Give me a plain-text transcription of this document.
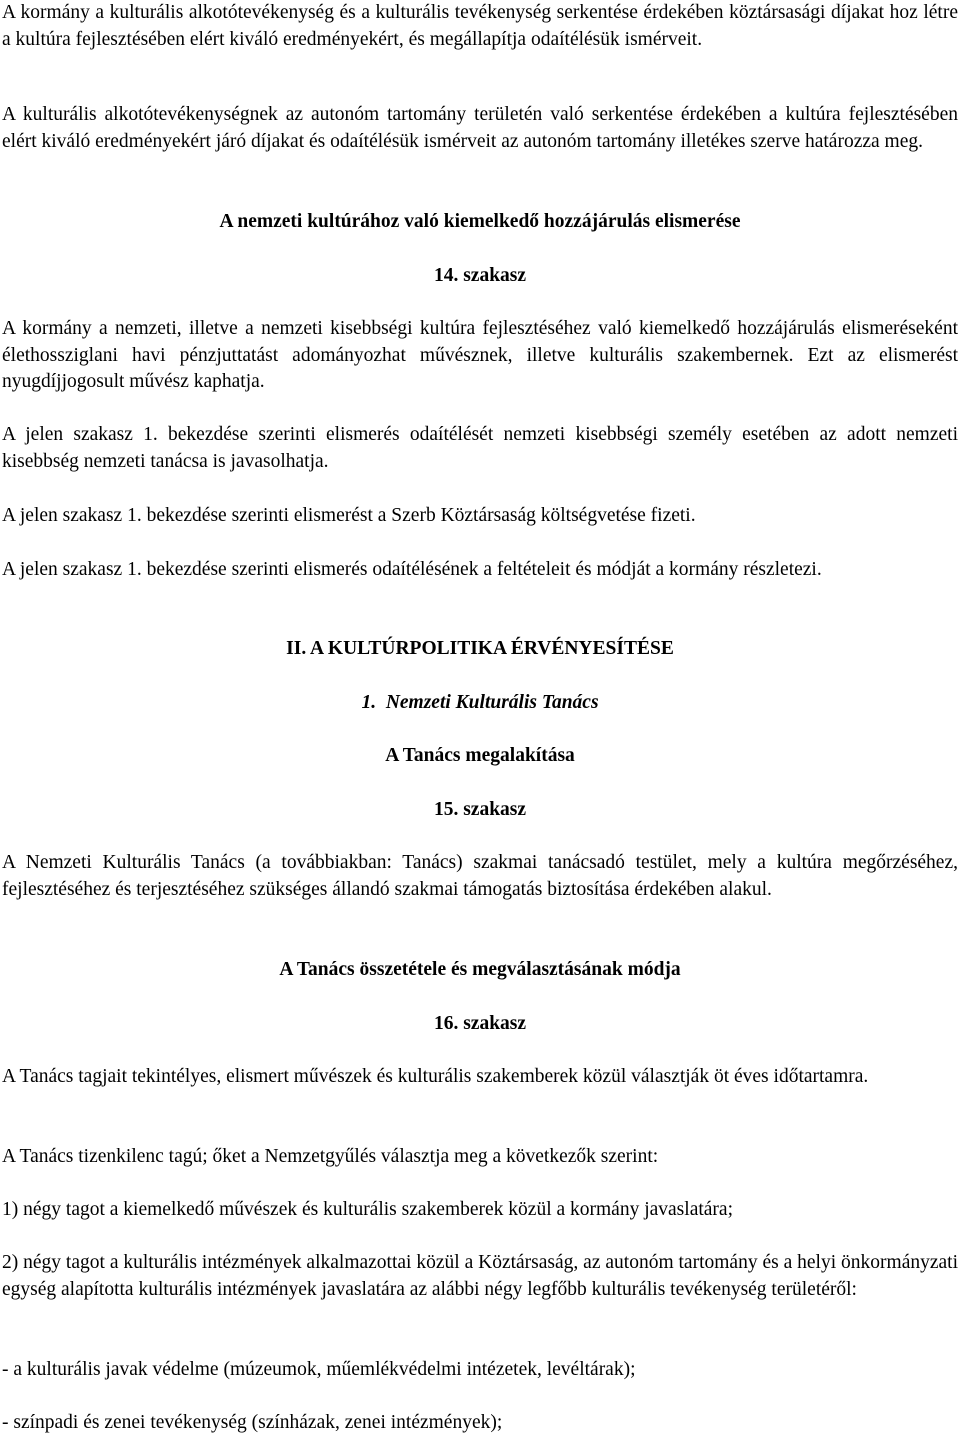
A kormány a kulturális alkotótevékenység és a kulturális tevékenység serkentése érdekében köztársasági díjakat hoz létre a kultúra fejlesztésében elért kiváló eredményekért, és megállapítja odaítélésük ismérveit.

A kulturális alkotótevékenységnek az autonóm tartomány területén való serkentése érdekében a kultúra fejlesztésében elért kiváló eredményekért járó díjakat és odaítélésük ismérveit az autonóm tartomány illetékes szerve határozza meg.

A nemzeti kultúrához való kiemelkedő hozzájárulás elismerése

14. szakasz

A kormány a nemzeti, illetve a nemzeti kisebbségi kultúra fejlesztéséhez való kiemelkedő hozzájárulás elismeréseként élethossziglani havi pénzjuttatást adományozhat művésznek, illetve kulturális szakembernek. Ezt az elismerést nyugdíjjogosult művész kaphatja.

A jelen szakasz 1. bekezdése szerinti elismerés odaítélését nemzeti kisebbségi személy esetében az adott nemzeti kisebbség nemzeti tanácsa is javasolhatja.

A jelen szakasz 1. bekezdése szerinti elismerést a Szerb Köztársaság költségvetése fizeti.

A jelen szakasz 1. bekezdése szerinti elismerés odaítélésének a feltételeit és módját a kormány részletezi.

II. A KULTÚRPOLITIKA ÉRVÉNYESÍTÉSE

1. Nemzeti Kulturális Tanács

A Tanács megalakítása

15. szakasz

A Nemzeti Kulturális Tanács (a továbbiakban: Tanács) szakmai tanácsadó testület, mely a kultúra megőrzéséhez, fejlesztéséhez és terjesztéséhez szükséges állandó szakmai támogatás biztosítása érdekében alakul.

A Tanács összetétele és megválasztásának módja

16. szakasz

A Tanács tagjait tekintélyes, elismert művészek és kulturális szakemberek közül választják öt éves időtartamra.

A Tanács tizenkilenc tagú; őket a Nemzetgyűlés választja meg a következők szerint:

1) négy tagot a kiemelkedő művészek és kulturális szakemberek közül a kormány javaslatára;

2) négy tagot a kulturális intézmények alkalmazottai közül a Köztársaság, az autonóm tartomány és a helyi önkormányzati egység alapította kulturális intézmények javaslatára az alábbi négy legfőbb kulturális tevékenység területéről:

- a kulturális javak védelme (múzeumok, műemlékvédelmi intézetek, levéltárak);

- színpadi és zenei tevékenység (színházak, zenei intézmények);
